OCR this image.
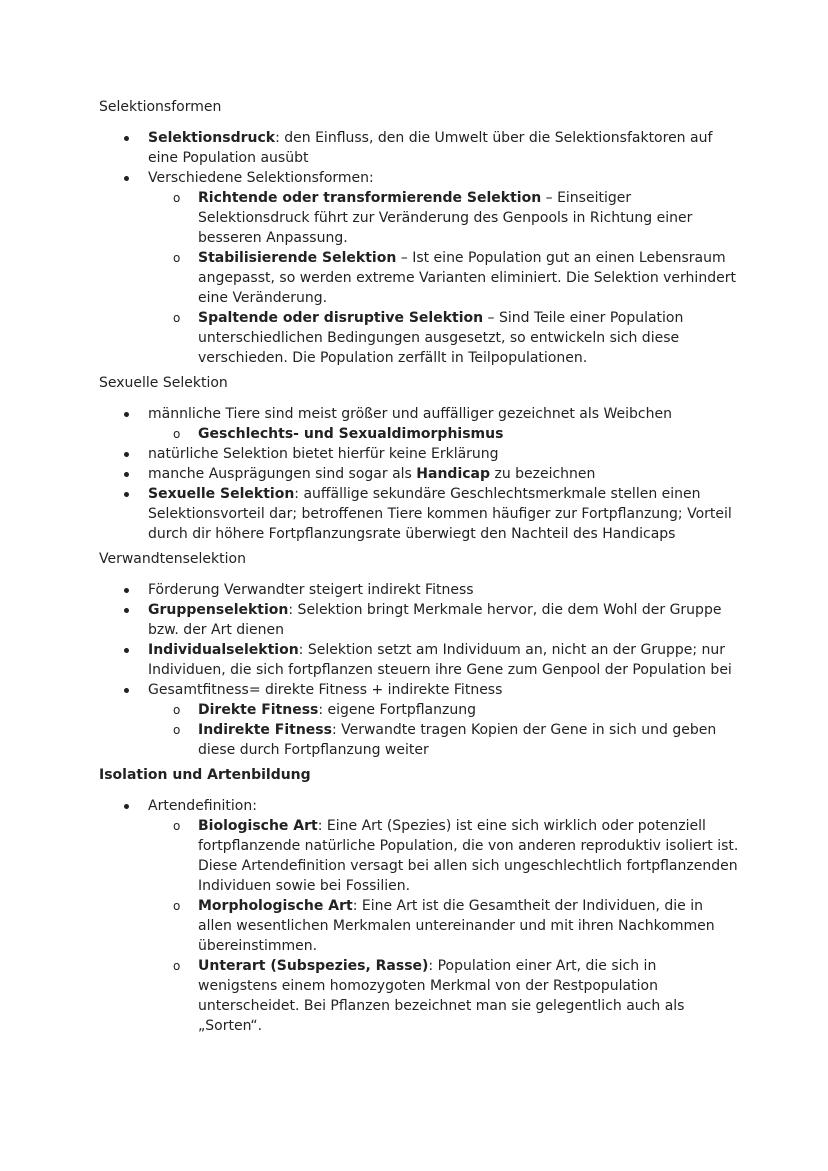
Selektionsformen

Selektionsdruck: den Einfluss, den die Umwelt über die Selektionsfaktoren auf eine Population ausübt
Verschiedene Selektionsformen:
o Richtende oder transformierende Selektion – Einseitiger Selektionsdruck führt zur Veränderung des Genpools in Richtung einer besseren Anpassung.
o Stabilisierende Selektion – Ist eine Population gut an einen Lebensraum angepasst, so werden extreme Varianten eliminiert. Die Selektion verhindert eine Veränderung.
o Spaltende oder disruptive Selektion – Sind Teile einer Population unterschiedlichen Bedingungen ausgesetzt, so entwickeln sich diese verschieden. Die Population zerfällt in Teilpopulationen.

Sexuelle Selektion

männliche Tiere sind meist größer und auffälliger gezeichnet als Weibchen
o Geschlechts- und Sexualdimorphismus
natürliche Selektion bietet hierfür keine Erklärung
manche Ausprägungen sind sogar als Handicap zu bezeichnen
Sexuelle Selektion: auffällige sekundäre Geschlechtsmerkmale stellen einen Selektionsvorteil dar; betroffenen Tiere kommen häufiger zur Fortpflanzung; Vorteil durch dir höhere Fortpflanzungsrate überwiegt den Nachteil des Handicaps

Verwandtenselektion

Förderung Verwandter steigert indirekt Fitness
Gruppenselektion: Selektion bringt Merkmale hervor, die dem Wohl der Gruppe bzw. der Art dienen
Individualselektion: Selektion setzt am Individuum an, nicht an der Gruppe; nur Individuen, die sich fortpflanzen steuern ihre Gene zum Genpool der Population bei
Gesamtfitness= direkte Fitness + indirekte Fitness
o Direkte Fitness: eigene Fortpflanzung
o Indirekte Fitness: Verwandte tragen Kopien der Gene in sich und geben diese durch Fortpflanzung weiter

Isolation und Artenbildung

Artendefinition:
o Biologische Art: Eine Art (Spezies) ist eine sich wirklich oder potenziell fortpflanzende natürliche Population, die von anderen reproduktiv isoliert ist. Diese Artendefinition versagt bei allen sich ungeschlechtlich fortpflanzenden Individuen sowie bei Fossilien.
o Morphologische Art: Eine Art ist die Gesamtheit der Individuen, die in allen wesentlichen Merkmalen untereinander und mit ihren Nachkommen übereinstimmen.
o Unterart (Subspezies, Rasse): Population einer Art, die sich in wenigstens einem homozygoten Merkmal von der Restpopulation unterscheidet. Bei Pflanzen bezeichnet man sie gelegentlich auch als „Sorten“.
